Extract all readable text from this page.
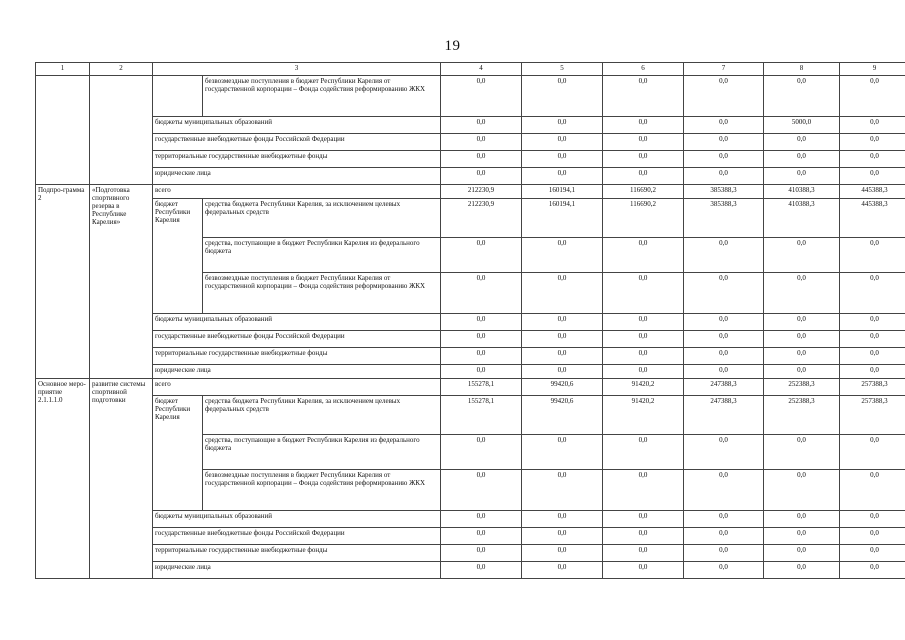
19
1	2	3		4	5	6	7	8	9
			безвозмездные поступления в бюджет Республики Карелия от государственной корпорации – Фонда содействия реформированию ЖКХ	0,0	0,0	0,0	0,0	0,0	0,0
		бюджеты муниципальных образований		0,0	0,0	0,0	0,0	5000,0	0,0
		государственные внебюджетные фонды Российской Федерации		0,0	0,0	0,0	0,0	0,0	0,0
		территориальные государственные внебюджетные фонды		0,0	0,0	0,0	0,0	0,0	0,0
		юридические лица		0,0	0,0	0,0	0,0	0,0	0,0
Подпро-грамма 2	«Подготовка спортивного резерва в Республике Карелия»	всего		212230,9	160194,1	116690,2	385388,3	410388,3	445388,3
		бюджет Республики Карелия	средства бюджета Республики Карелия, за исключением целевых федеральных средств	212230,9	160194,1	116690,2	385388,3	410388,3	445388,3
			средства, поступающие в бюджет Республики Карелия из федерального бюджета	0,0	0,0	0,0	0,0	0,0	0,0
			безвозмездные поступления в бюджет Республики Карелия от государственной корпорации – Фонда содействия реформированию ЖКХ	0,0	0,0	0,0	0,0	0,0	0,0
		бюджеты муниципальных образований		0,0	0,0	0,0	0,0	0,0	0,0
		государственные внебюджетные фонды Российской Федерации		0,0	0,0	0,0	0,0	0,0	0,0
		территориальные государственные внебюджетные фонды		0,0	0,0	0,0	0,0	0,0	0,0
		юридические лица		0,0	0,0	0,0	0,0	0,0	0,0
Основное меро-приятие 2.1.1.1.0	развитие системы спортивной подготовки	всего		155278,1	99420,6	91420,2	247388,3	252388,3	257388,3
		бюджет Республики Карелия	средства бюджета Республики Карелия, за исключением целевых федеральных средств	155278,1	99420,6	91420,2	247388,3	252388,3	257388,3
			средства, поступающие в бюджет Республики Карелия из федерального бюджета	0,0	0,0	0,0	0,0	0,0	0,0
			безвозмездные поступления в бюджет Республики Карелия от государственной корпорации – Фонда содействия реформированию ЖКХ	0,0	0,0	0,0	0,0	0,0	0,0
		бюджеты муниципальных образований		0,0	0,0	0,0	0,0	0,0	0,0
		государственные внебюджетные фонды Российской Федерации		0,0	0,0	0,0	0,0	0,0	0,0
		территориальные государственные внебюджетные фонды		0,0	0,0	0,0	0,0	0,0	0,0
		юридические лица		0,0	0,0	0,0	0,0	0,0	0,0
